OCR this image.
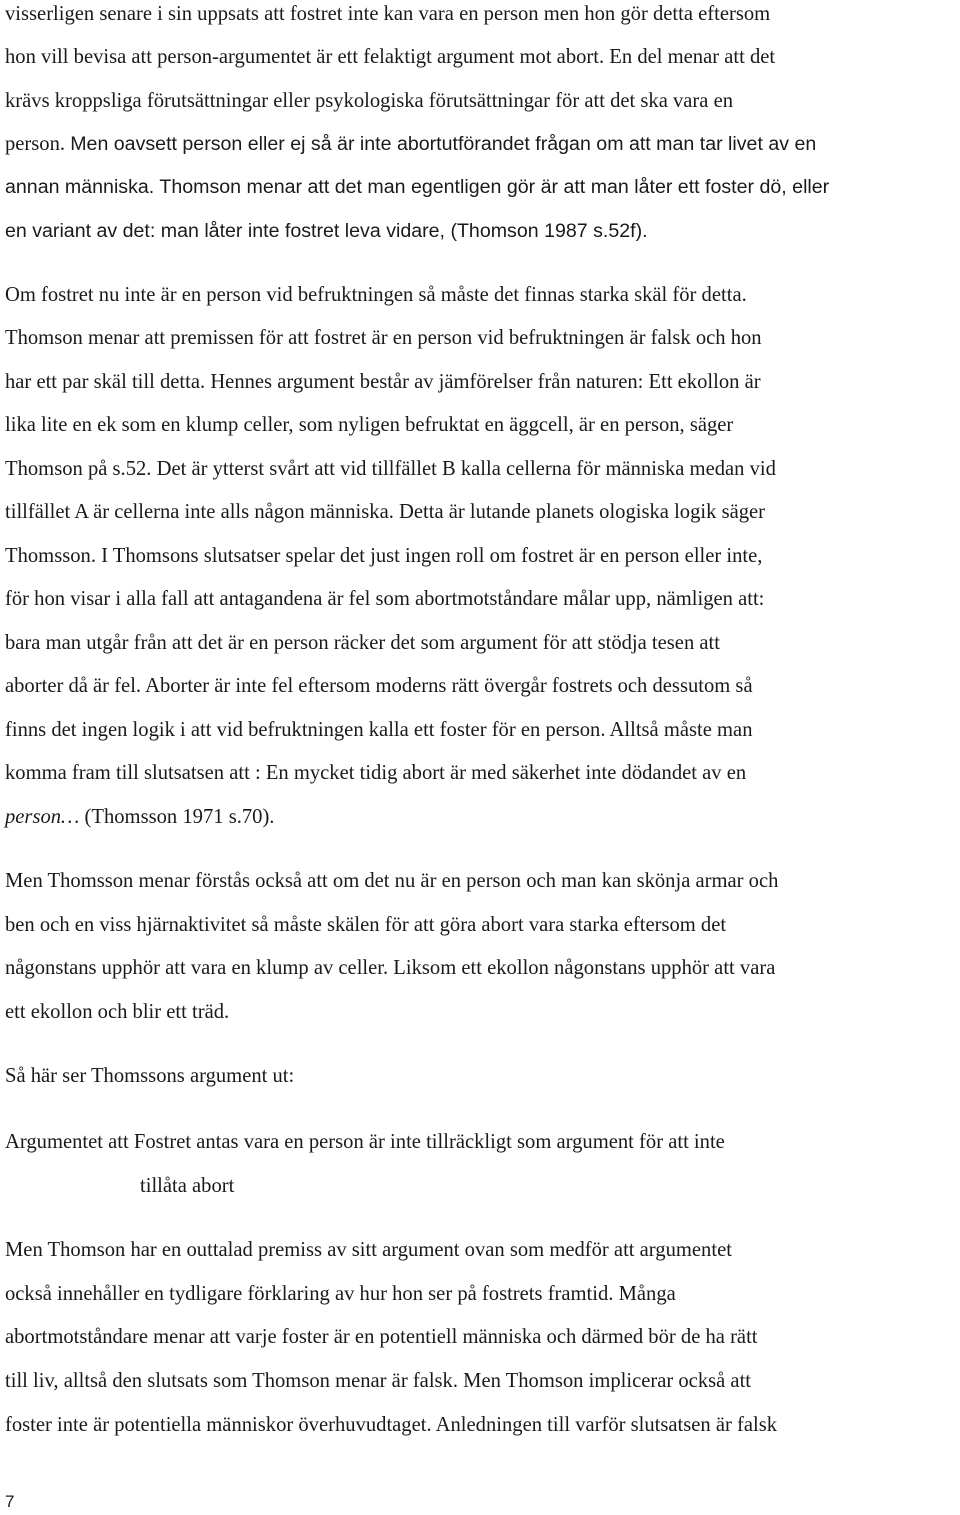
visserligen senare i sin uppsats att fostret inte kan vara en person men hon gör detta eftersom
hon vill bevisa att person-argumentet är ett felaktigt argument mot abort. En del menar att det
krävs kroppsliga förutsättningar eller psykologiska förutsättningar för att det ska vara en
person. Men oavsett person eller ej så är inte abortutförandet frågan om att man tar livet av en
annan människa. Thomson menar att det man egentligen gör är att man låter ett foster dö, eller
en variant av det: man låter inte fostret leva vidare, (Thomson 1987 s.52f).
Om fostret nu inte är en person vid befruktningen så måste det finnas starka skäl för detta.
Thomson menar att premissen för att fostret är en person vid befruktningen är falsk och hon
har ett par skäl till detta. Hennes argument består av jämförelser från naturen: Ett ekollon är
lika lite en ek som en klump celler, som nyligen befruktat en äggcell, är en person, säger
Thomson på s.52. Det är ytterst svårt att vid tillfället B kalla cellerna för människa medan vid
tillfället A är cellerna inte alls någon människa. Detta är lutande planets ologiska logik säger
Thomsson. I Thomsons slutsatser spelar det just ingen roll om fostret är en person eller inte,
för hon visar i alla fall att antagandena är fel som abortmotståndare målar upp, nämligen att:
bara man utgår från att det är en person räcker det som argument för att stödja tesen att
aborter då är fel. Aborter är inte fel eftersom moderns rätt övergår fostrets och dessutom så
finns det ingen logik i att vid befruktningen kalla ett foster för en person. Alltså måste man
komma fram till slutsatsen att : En mycket tidig abort är med säkerhet inte dödandet av en
person… (Thomsson 1971 s.70).
Men Thomsson menar förstås också att om det nu är en person och man kan skönja armar och
ben och en viss hjärnaktivitet så måste skälen för att göra abort vara starka eftersom det
någonstans upphör att vara en klump av celler. Liksom ett ekollon någonstans upphör att vara
ett ekollon och blir ett träd.
Så här ser Thomssons argument ut:
Argumentet att Fostret antas vara en person är inte tillräckligt som argument för att inte
tillåta abort
Men Thomson har en outtalad premiss av sitt argument ovan som medför att argumentet
också innehåller en tydligare förklaring av hur hon ser på fostrets framtid. Många
abortmotståndare menar att varje foster är en potentiell människa och därmed bör de ha rätt
till liv, alltså den slutsats som Thomson menar är falsk. Men Thomson implicerar också att
foster inte är potentiella människor överhuvudtaget. Anledningen till varför slutsatsen är falsk
7
